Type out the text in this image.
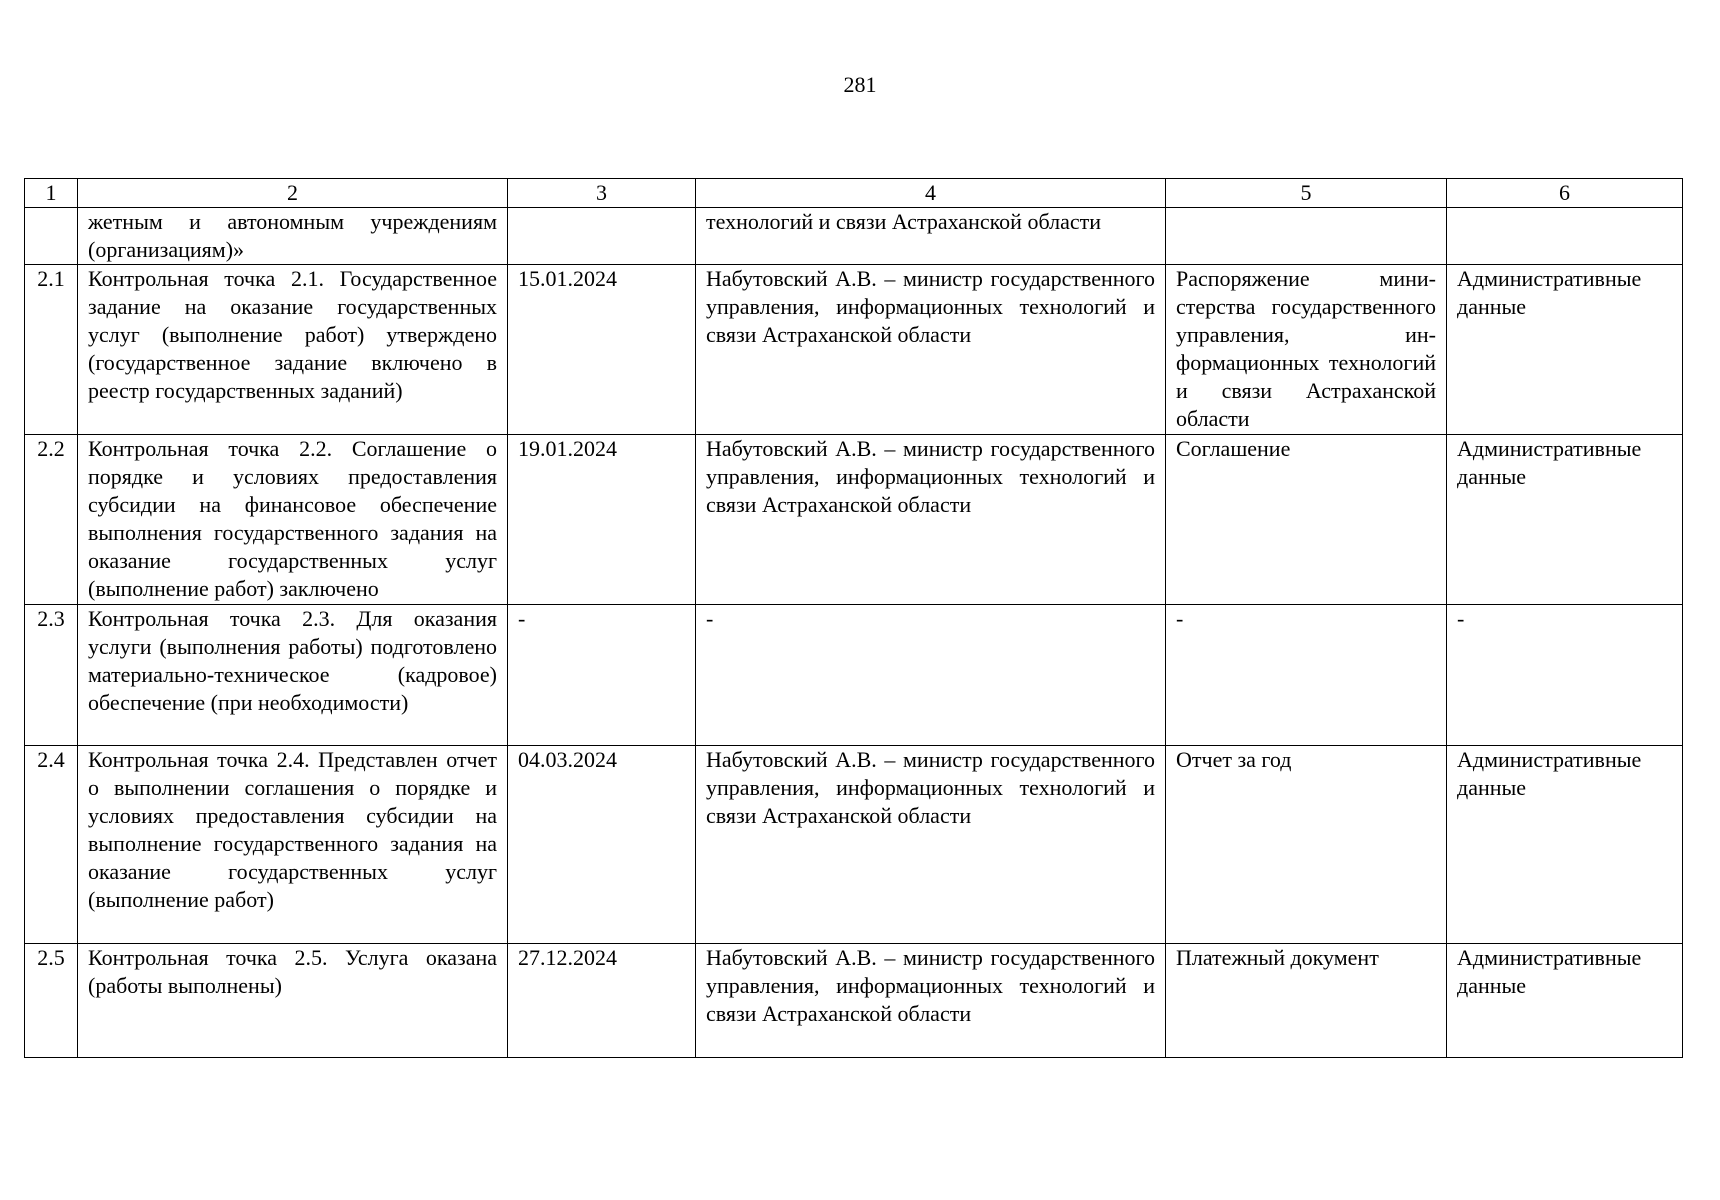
281
1	2	3	4	5	6
	жетным и автономным учреждениям (организациям)»		технологий и связи Астраханской области		
2.1	Контрольная точка 2.1. Государственное задание на оказание государственных услуг (выполнение работ) утверждено (государственное задание включено в реестр государственных заданий)	15.01.2024	Набутовский А.В. – министр государственного управления, информационных технологий и связи Астраханской области	Распоряжение министерства государственного управления, информационных технологий и связи Астраханской области	Административные данные
2.2	Контрольная точка 2.2. Соглашение о порядке и условиях предоставления субсидии на финансовое обеспечение выполнения государственного задания на оказание государственных услуг (выполнение работ) заключено	19.01.2024	Набутовский А.В. – министр государственного управления, информационных технологий и связи Астраханской области	Соглашение	Административные данные
2.3	Контрольная точка 2.3. Для оказания услуги (выполнения работы) подготовлено материально-техническое (кадровое) обеспечение (при необходимости)	-	-	-	-
2.4	Контрольная точка 2.4. Представлен отчет о выполнении соглашения о порядке и условиях предоставления субсидии на выполнение государственного задания на оказание государственных услуг (выполнение работ)	04.03.2024	Набутовский А.В. – министр государственного управления, информационных технологий и связи Астраханской области	Отчет за год	Административные данные
2.5	Контрольная точка 2.5. Услуга оказана (работы выполнены)	27.12.2024	Набутовский А.В. – министр государственного управления, информационных технологий и связи Астраханской области	Платежный документ	Административные данные
